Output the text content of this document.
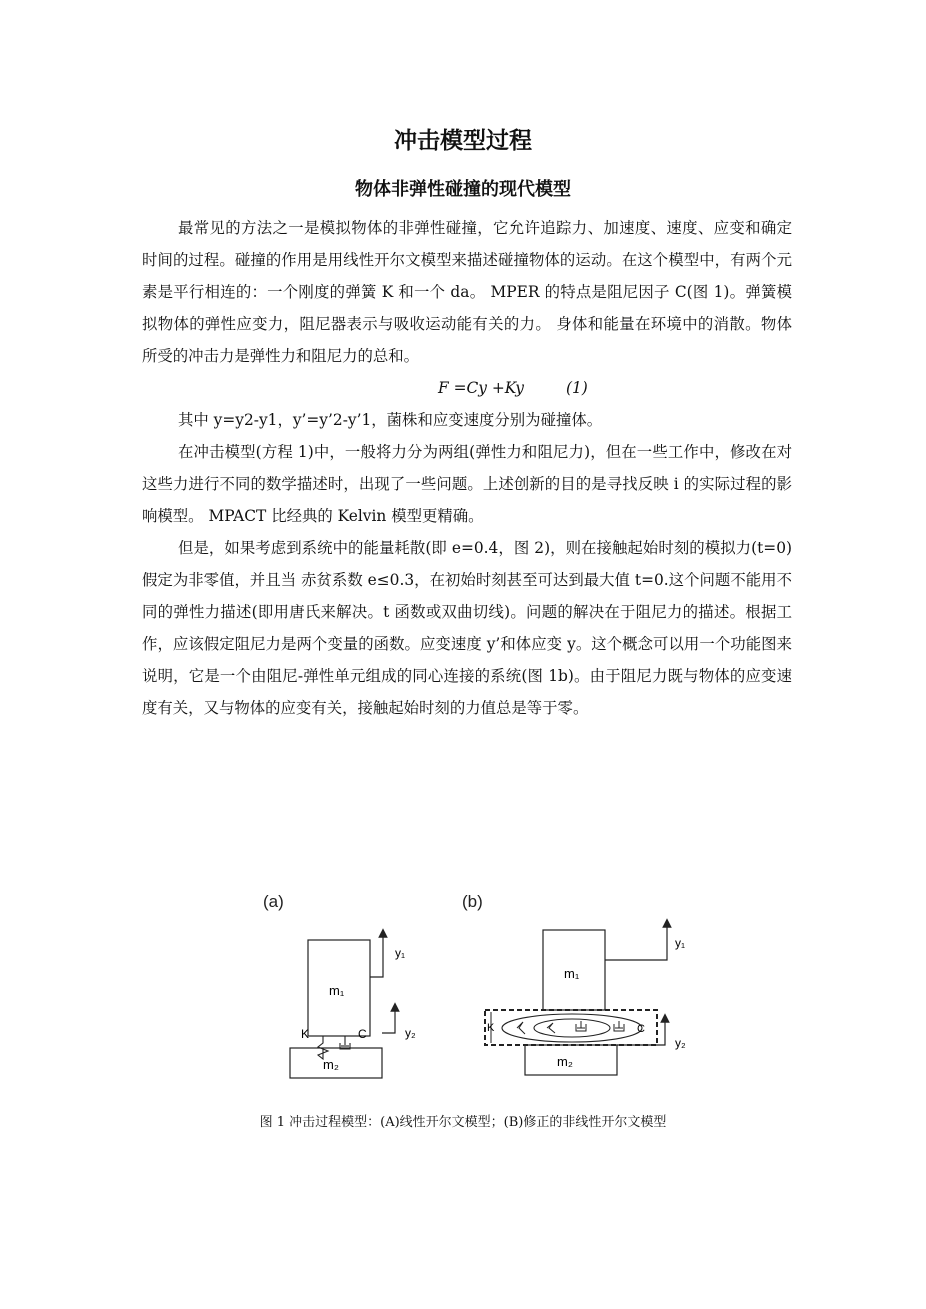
冲击模型过程
物体非弹性碰撞的现代模型

最常见的方法之一是模拟物体的非弹性碰撞，它允许追踪力、加速度、速度、应变和确定时间的过程。碰撞的作用是用线性开尔文模型来描述碰撞物体的运动。在这个模型中，有两个元素是平行相连的：一个刚度的弹簧 K 和一个 da。 MPER 的特点是阻尼因子 C(图 1)。弹簧模拟物体的弹性应变力，阻尼器表示与吸收运动能有关的力。 身体和能量在环境中的消散。物体所受的冲击力是弹性力和阻尼力的总和。

F =Cy +Ky	(1)

其中 y=y2-y1，y’=y’2-y’1，菌株和应变速度分别为碰撞体。

在冲击模型(方程 1)中，一般将力分为两组(弹性力和阻尼力)，但在一些工作中，修改在对这些力进行不同的数学描述时，出现了一些问题。上述创新的目的是寻找反映 i 的实际过程的影响模型。 MPACT 比经典的 Kelvin 模型更精确。

但是，如果考虑到系统中的能量耗散(即 e=0.4，图 2)，则在接触起始时刻的模拟力(t=0)假定为非零值，并且当 赤贫系数 e≤0.3，在初始时刻甚至可达到最大值 t=0.这个问题不能用不同的弹性力描述(即用唐氏来解决。t 函数或双曲切线)。问题的解决在于阻尼力的描述。根据工作，应该假定阻尼力是两个变量的函数。应变速度 y’和体应变 y。这个概念可以用一个功能图来说明，它是一个由阻尼-弹性单元组成的同心连接的系统(图 1b)。由于阻尼力既与物体的应变速度有关，又与物体的应变有关，接触起始时刻的力值总是等于零。

(a)
m₁
y₁
K	C
m₂
y₂
(b)
m₁
y₁
K	C
m₂
y₂
图 1 冲击过程模型：(A)线性开尔文模型；(B)修正的非线性开尔文模型
